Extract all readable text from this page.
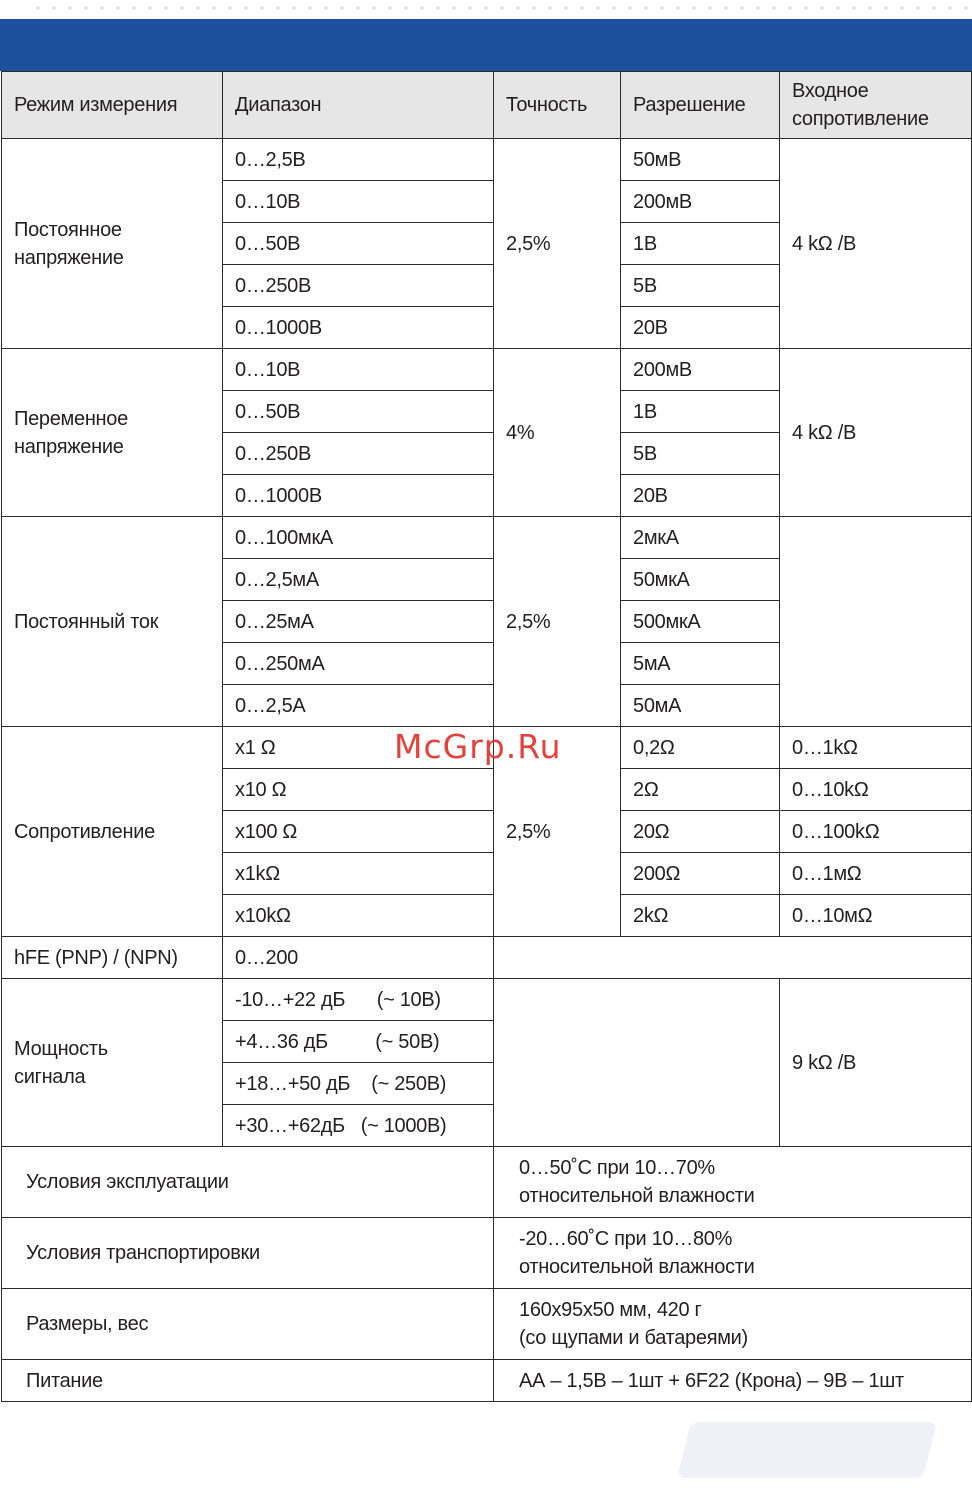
Режим измерения	Диапазон	Точность	Разрешение	Входное
сопротивление
Постоянное
напряжение	0…2,5В	2,5%	50мВ	4 kΩ /В
	0…10В		200мВ	
	0…50В		1В	
	0…250В		5В	
	0…1000В		20В	
Переменное
напряжение	0…10В	4%	200мВ	4 kΩ /В
	0…50В		1В	
	0…250В		5В	
	0…1000В		20В	
Постоянный ток	0…100мкА	2,5%	2мкА	
	0…2,5мА		50мкА	
	0…25мА		500мкА	
	0…250мА		5мА	
	0…2,5А		50мА	
Сопротивление	x1 Ω	2,5%	0,2Ω	0…1kΩ
	x10 Ω		2Ω	0…10kΩ
	x100 Ω		20Ω	0…100kΩ
	x1kΩ		200Ω	0…1мΩ
	x10kΩ		2kΩ	0…10мΩ
hFE (PNP) / (NPN)	0…200			
Мощность
сигнала	-10…+22 дБ      (~ 10В)			9 kΩ /В
	+4…36 дБ         (~ 50В)			
	+18…+50 дБ    (~ 250В)			
	+30…+62дБ   (~ 1000В)			
Условия эксплуатации		0…50˚С при 10…70%
относительной влажности		
Условия транспортировки		-20…60˚С при 10…80%
относительной влажности		
Размеры, вес		160x95x50 мм, 420 г
(со щупами и батареями)		
Питание		АА – 1,5В – 1шт + 6F22 (Крона) – 9В – 1шт		
McGrp.Ru
